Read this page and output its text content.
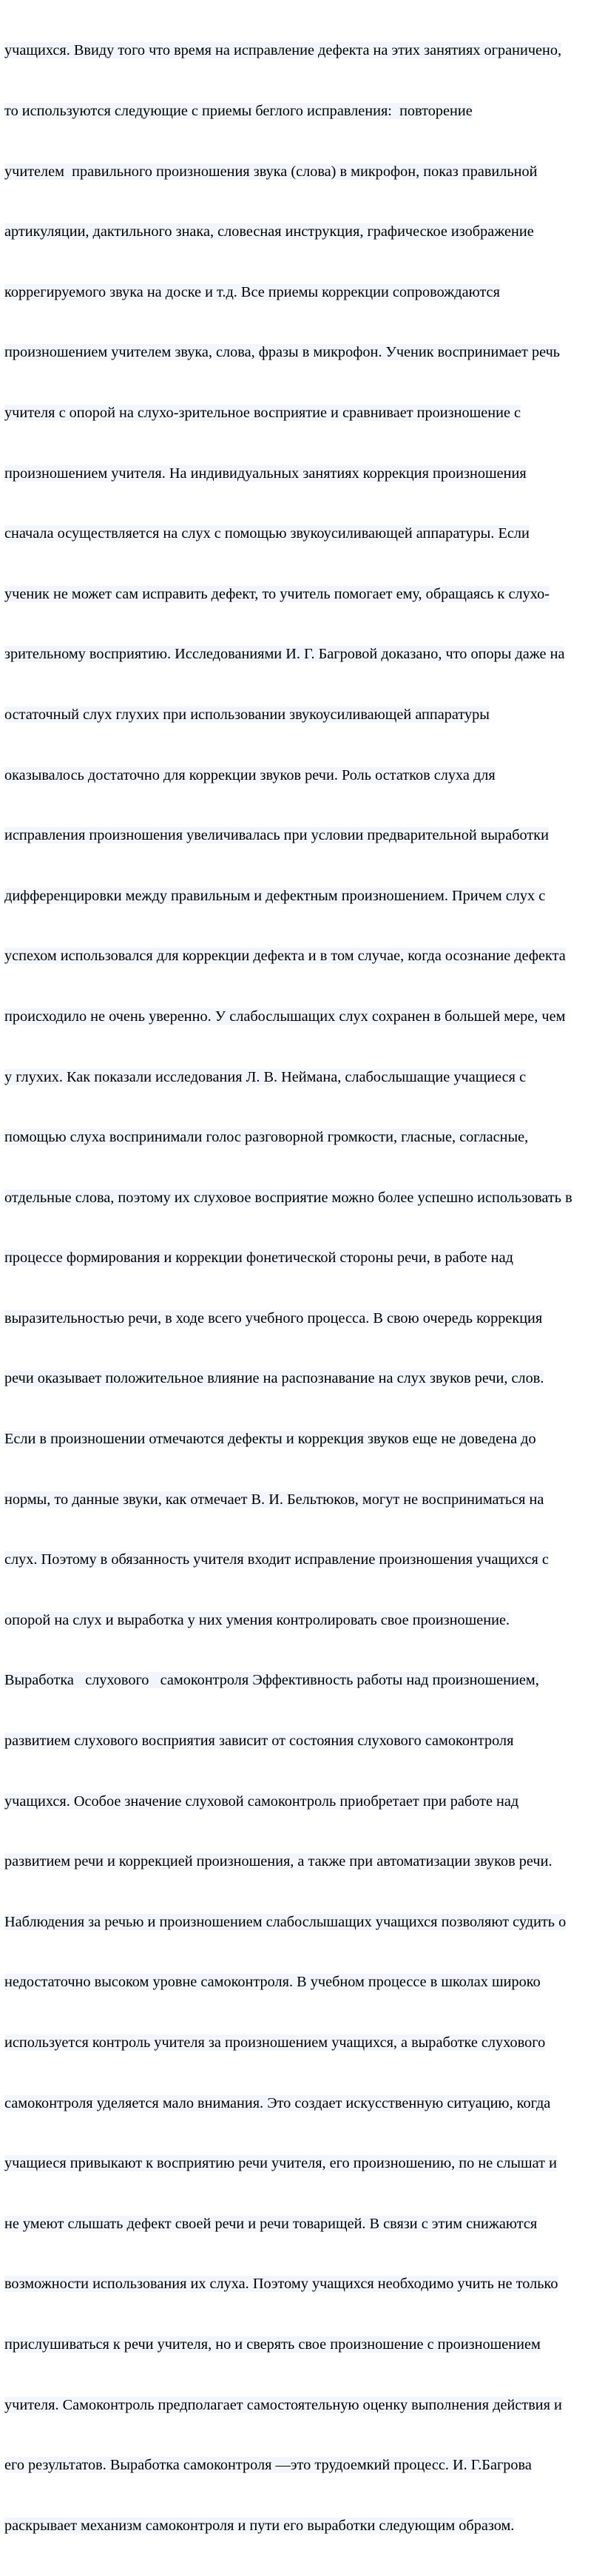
учащихся. Ввиду того что время на исправление дефекта на этих занятиях ограничено,

то используются следующие с приемы беглого исправления:  повторение

учителем  правильного произношения звука (слова) в микрофон, показ правильной

артикуляции, дактильного знака, словесная инструкция, графическое изображение

коррегируемого звука на доске и т.д. Все приемы коррекции сопровождаются

произношением учителем звука, слова, фразы в микрофон. Ученик воспринимает речь

учителя с опорой на слухо-зрительное восприятие и сравнивает произношение с

произношением учителя. На индивидуальных занятиях коррекция произношения

сначала осуществляется на слух с помощью звукоусиливающей аппаратуры. Если

ученик не может сам исправить дефект, то учитель помогает ему, обращаясь к слухо-

зрительному восприятию. Исследованиями И. Г. Багровой доказано, что опоры даже на

остаточный слух глухих при использовании звукоусиливающей аппаратуры

оказывалось достаточно для коррекции звуков речи. Роль остатков слуха для

исправления произношения увеличивалась при условии предварительной выработки

дифференцировки между правильным и дефектным произношением. Причем слух с

успехом использовался для коррекции дефекта и в том случае, когда осознание дефекта

происходило не очень уверенно. У слабослышащих слух сохранен в большей мере, чем

у глухих. Как показали исследования Л. В. Неймана, слабослышащие учащиеся с

помощью слуха воспринимали голос разговорной громкости, гласные, согласные,

отдельные слова, поэтому их слуховое восприятие можно более успешно использовать в

процессе формирования и коррекции фонетической стороны речи, в работе над

выразительностью речи, в ходе всего учебного процесса. В свою очередь коррекция

речи оказывает положительное влияние на распознавание на слух звуков речи, слов.

Если в произношении отмечаются дефекты и коррекция звуков еще не доведена до

нормы, то данные звуки, как отмечает В. И. Бельтюков, могут не восприниматься на

слух. Поэтому в обязанность учителя входит исправление произношения учащихся с

опорой на слух и выработка у них умения контролировать свое произношение.

Выработка   слухового   самоконтроля Эффективность работы над произношением,

развитием слухового восприятия зависит от состояния слухового самоконтроля

учащихся. Особое значение слуховой самоконтроль приобретает при работе над

развитием речи и коррекцией произношения, а также при автоматизации звуков речи.

Наблюдения за речью и произношением слабослышащих учащихся позволяют судить о

недостаточно высоком уровне самоконтроля. В учебном процессе в школах широко

используется контроль учителя за произношением учащихся, а выработке слухового

самоконтроля уделяется мало внимания. Это создает искусственную ситуацию, когда

учащиеся привыкают к восприятию речи учителя, его произношению, по не слышат и

не умеют слышать дефект своей речи и речи товарищей. В связи с этим снижаются

возможности использования их слуха. Поэтому учащихся необходимо учить не только

прислушиваться к речи учителя, но и сверять свое произношение с произношением

учителя. Самоконтроль предполагает самостоятельную оценку выполнения действия и

его результатов. Выработка самоконтроля —это трудоемкий процесс. И. Г.Багрова

раскрывает механизм самоконтроля и пути его выработки следующим образом.
